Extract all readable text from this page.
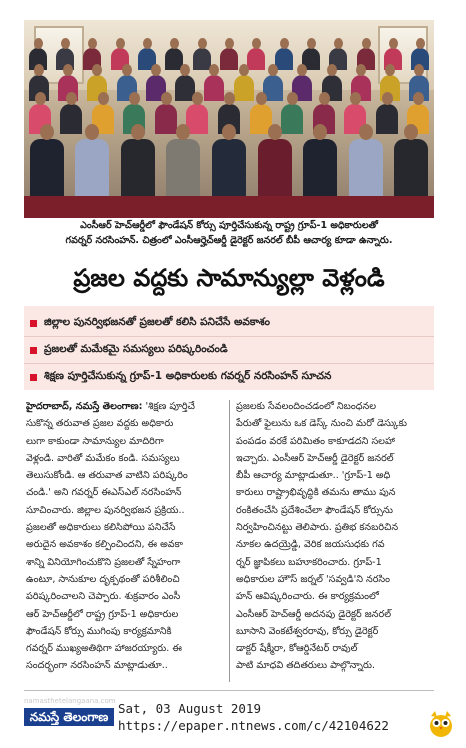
ఎంసీఆర్ హెచ్ఆర్డీలో ఫౌండేషన్ కోర్సు పూర్తిచేసుకున్న రాష్ట్ర గ్రూప్-1 అధికారులతో
గవర్నర్ నరసింహన్. చిత్రంలో ఎంసీఆర్హెచ్ఆర్డీ డైరెక్టర్ జనరల్ బీపీ ఆచార్య కూడా ఉన్నారు.
ప్రజల వద్దకు సామాన్యుల్లా వెళ్లండి
జిల్లాల పునర్విభజనతో ప్రజలతో కలిసి పనిచేసే అవకాశం
ప్రజలతో మమేకమై సమస్యలు పరిష్కరించండి
శిక్షణ పూర్తిచేసుకున్న గ్రూప్-1 అధికారులకు గవర్నర్ నరసింహన్ సూచన
హైదరాబాద్, నమస్తే తెలంగాణ: 'శిక్షణ పూర్తిచే
సుకొన్న తరువాత ప్రజల వద్దకు అధికారు
లుగా కాకుండా సామాన్యుల మాదిరిగా
వెళ్లండి. వారితో మమేకం కండి. సమస్యలు
తెలుసుకోండి. ఆ తరువాత వాటిని పరిష్కరిం
చండి.' అని గవర్నర్ ఈఎస్ఎల్ నరసింహన్
సూచించారు. జిల్లాల పునర్విభజన ప్రక్రియ..
ప్రజలతో అధికారులు కలిసిపోయి పనిచేసే
అరుదైన అవకాశం కల్పించిందని, ఈ అవకా
శాన్ని వినియోగించుకొని ప్రజలతో స్నేహంగా
ఉంటూ, సానుకూల దృక్పథంతో పరిశీలించి
పరిష్కరించాలని చెప్పారు. శుక్రవారం ఎంసీ
ఆర్ హెచ్ఆర్డీలో రాష్ట్ర గ్రూప్-1 అధికారుల
ఫౌండేషన్ కోర్సు ముగింపు కార్యక్రమానికి
గవర్నర్ ముఖ్యఅతిథిగా హాజరయ్యారు. ఈ
సందర్భంగా నరసింహన్ మాట్లాడుతూ..
ప్రజలకు సేవలందించడంలో నిబంధనల
పేరుతో ఫైలును ఒక డెస్క్ నుంచి మరో డెస్కుకు
పంపడం వరకే పరిమితం కాకూడదని సలహా
ఇచ్చారు. ఎంసీఆర్ హెచ్ఆర్డీ డైరెక్టర్ జనరల్
బీపీ ఆచార్య మాట్లాడుతూ.. 'గ్రూప్-1 అధి
కారులు రాష్ట్రాభివృద్ధికి తమను తాము పున
రంకితంచేసి ప్రదేశించేలా ఫౌండేషన్ కోర్సును
నిర్వహించినట్టు తెలిపారు. ప్రతిభ కనబరిచిన
నూకల ఉదయ్రెడ్డి, వెరిక జయసుధకు గవ
ర్నర్ జ్ఞాపికలు బహూకరించారు. గ్రూప్-1
అధికారుల హౌస్ జర్నల్ 'సవ్వడి'ని నరసిం
హన్ ఆవిష్కరించారు. ఈ కార్యక్రమంలో
ఎంసీఆర్ హెచ్ఆర్డీ అదనపు డైరెక్టర్ జనరల్
బూసాని వెంకటేశ్వరరావు, కోర్సు డైరెక్టర్
డాక్టర్ షేక్మీరా, కోఆర్డినేటర్ రావుల్
పాటి మాధవి తదితరులు పాల్గొన్నారు.
namasthetelangaana.com
నమస్తే తెలంగాణ
Sat, 03 August 2019
https://epaper.ntnews.com/c/42104622
